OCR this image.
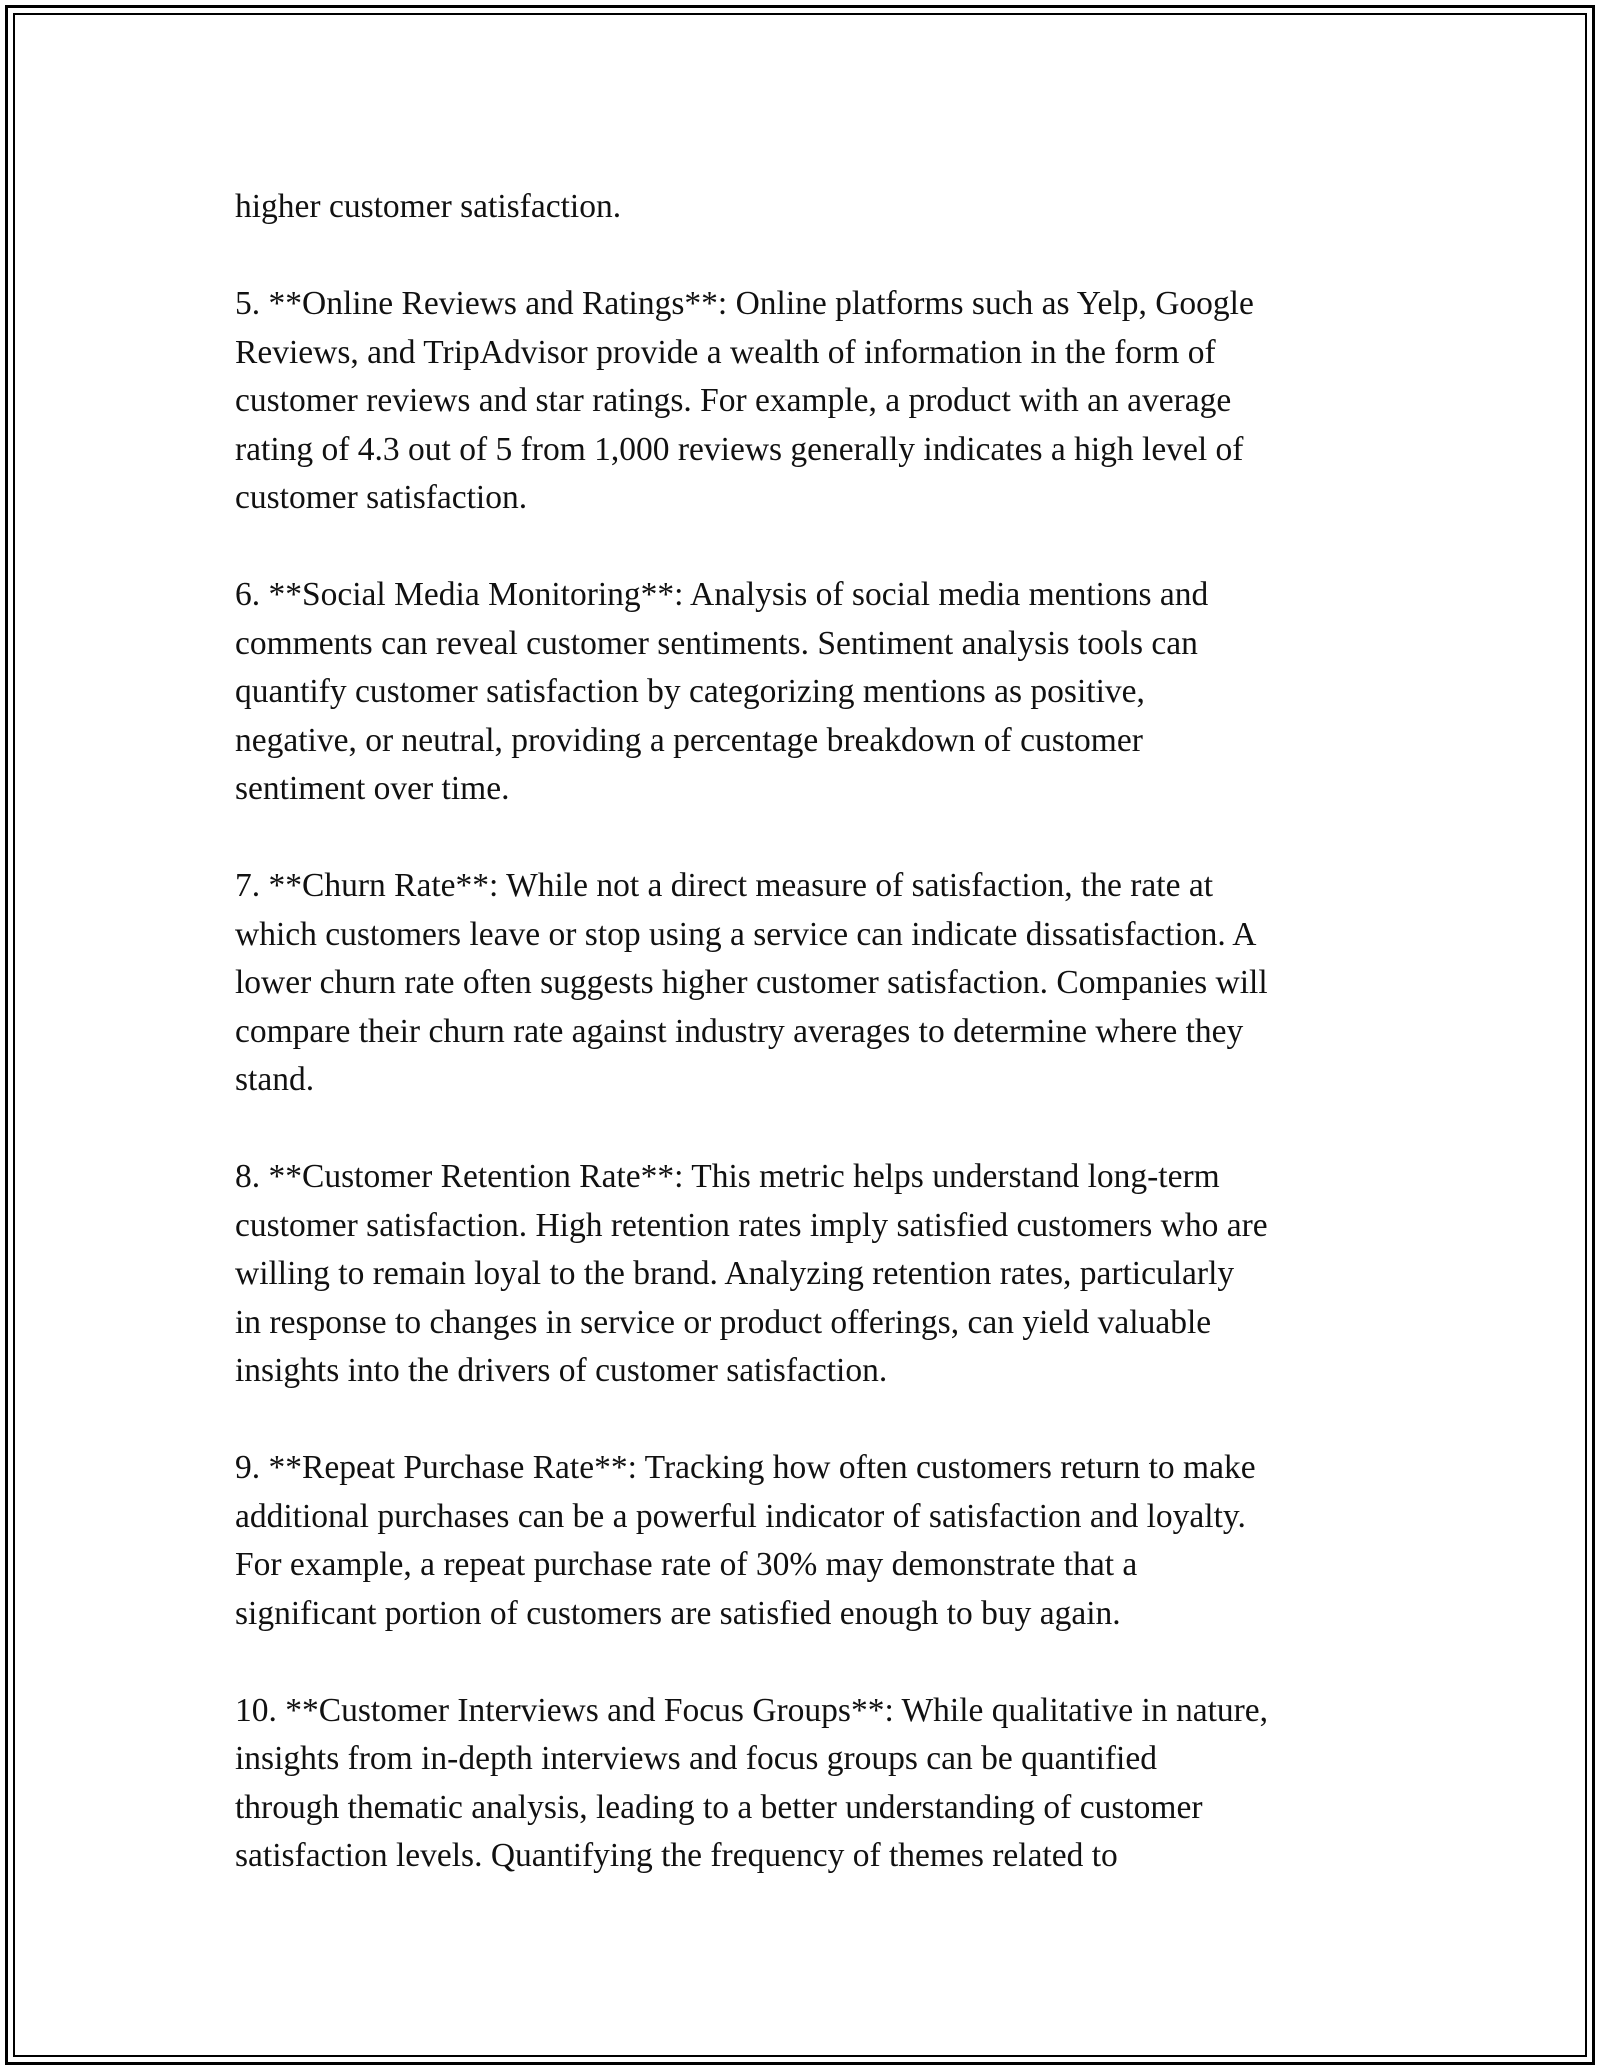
higher customer satisfaction.

5. **Online Reviews and Ratings**: Online platforms such as Yelp, Google
Reviews, and TripAdvisor provide a wealth of information in the form of
customer reviews and star ratings. For example, a product with an average
rating of 4.3 out of 5 from 1,000 reviews generally indicates a high level of
customer satisfaction.

6. **Social Media Monitoring**: Analysis of social media mentions and
comments can reveal customer sentiments. Sentiment analysis tools can
quantify customer satisfaction by categorizing mentions as positive,
negative, or neutral, providing a percentage breakdown of customer
sentiment over time.

7. **Churn Rate**: While not a direct measure of satisfaction, the rate at
which customers leave or stop using a service can indicate dissatisfaction. A
lower churn rate often suggests higher customer satisfaction. Companies will
compare their churn rate against industry averages to determine where they
stand.

8. **Customer Retention Rate**: This metric helps understand long-term
customer satisfaction. High retention rates imply satisfied customers who are
willing to remain loyal to the brand. Analyzing retention rates, particularly
in response to changes in service or product offerings, can yield valuable
insights into the drivers of customer satisfaction.

9. **Repeat Purchase Rate**: Tracking how often customers return to make
additional purchases can be a powerful indicator of satisfaction and loyalty.
For example, a repeat purchase rate of 30% may demonstrate that a
significant portion of customers are satisfied enough to buy again.

10. **Customer Interviews and Focus Groups**: While qualitative in nature,
insights from in-depth interviews and focus groups can be quantified
through thematic analysis, leading to a better understanding of customer
satisfaction levels. Quantifying the frequency of themes related to
